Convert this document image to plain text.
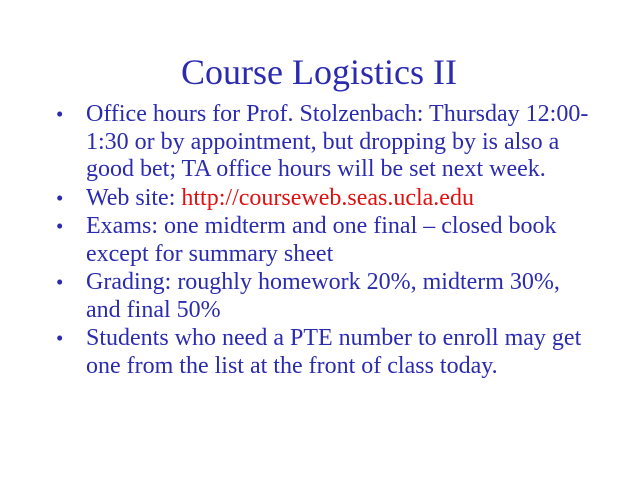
Course Logistics II
• Office hours for Prof. Stolzenbach: Thursday 12:00-1:30 or by appointment, but dropping by is also a good bet; TA office hours will be set next week.
• Web site: http://courseweb.seas.ucla.edu
• Exams: one midterm and one final – closed book except for summary sheet
• Grading: roughly homework 20%, midterm 30%, and final 50%
• Students who need a PTE number to enroll may get one from the list at the front of class today.
